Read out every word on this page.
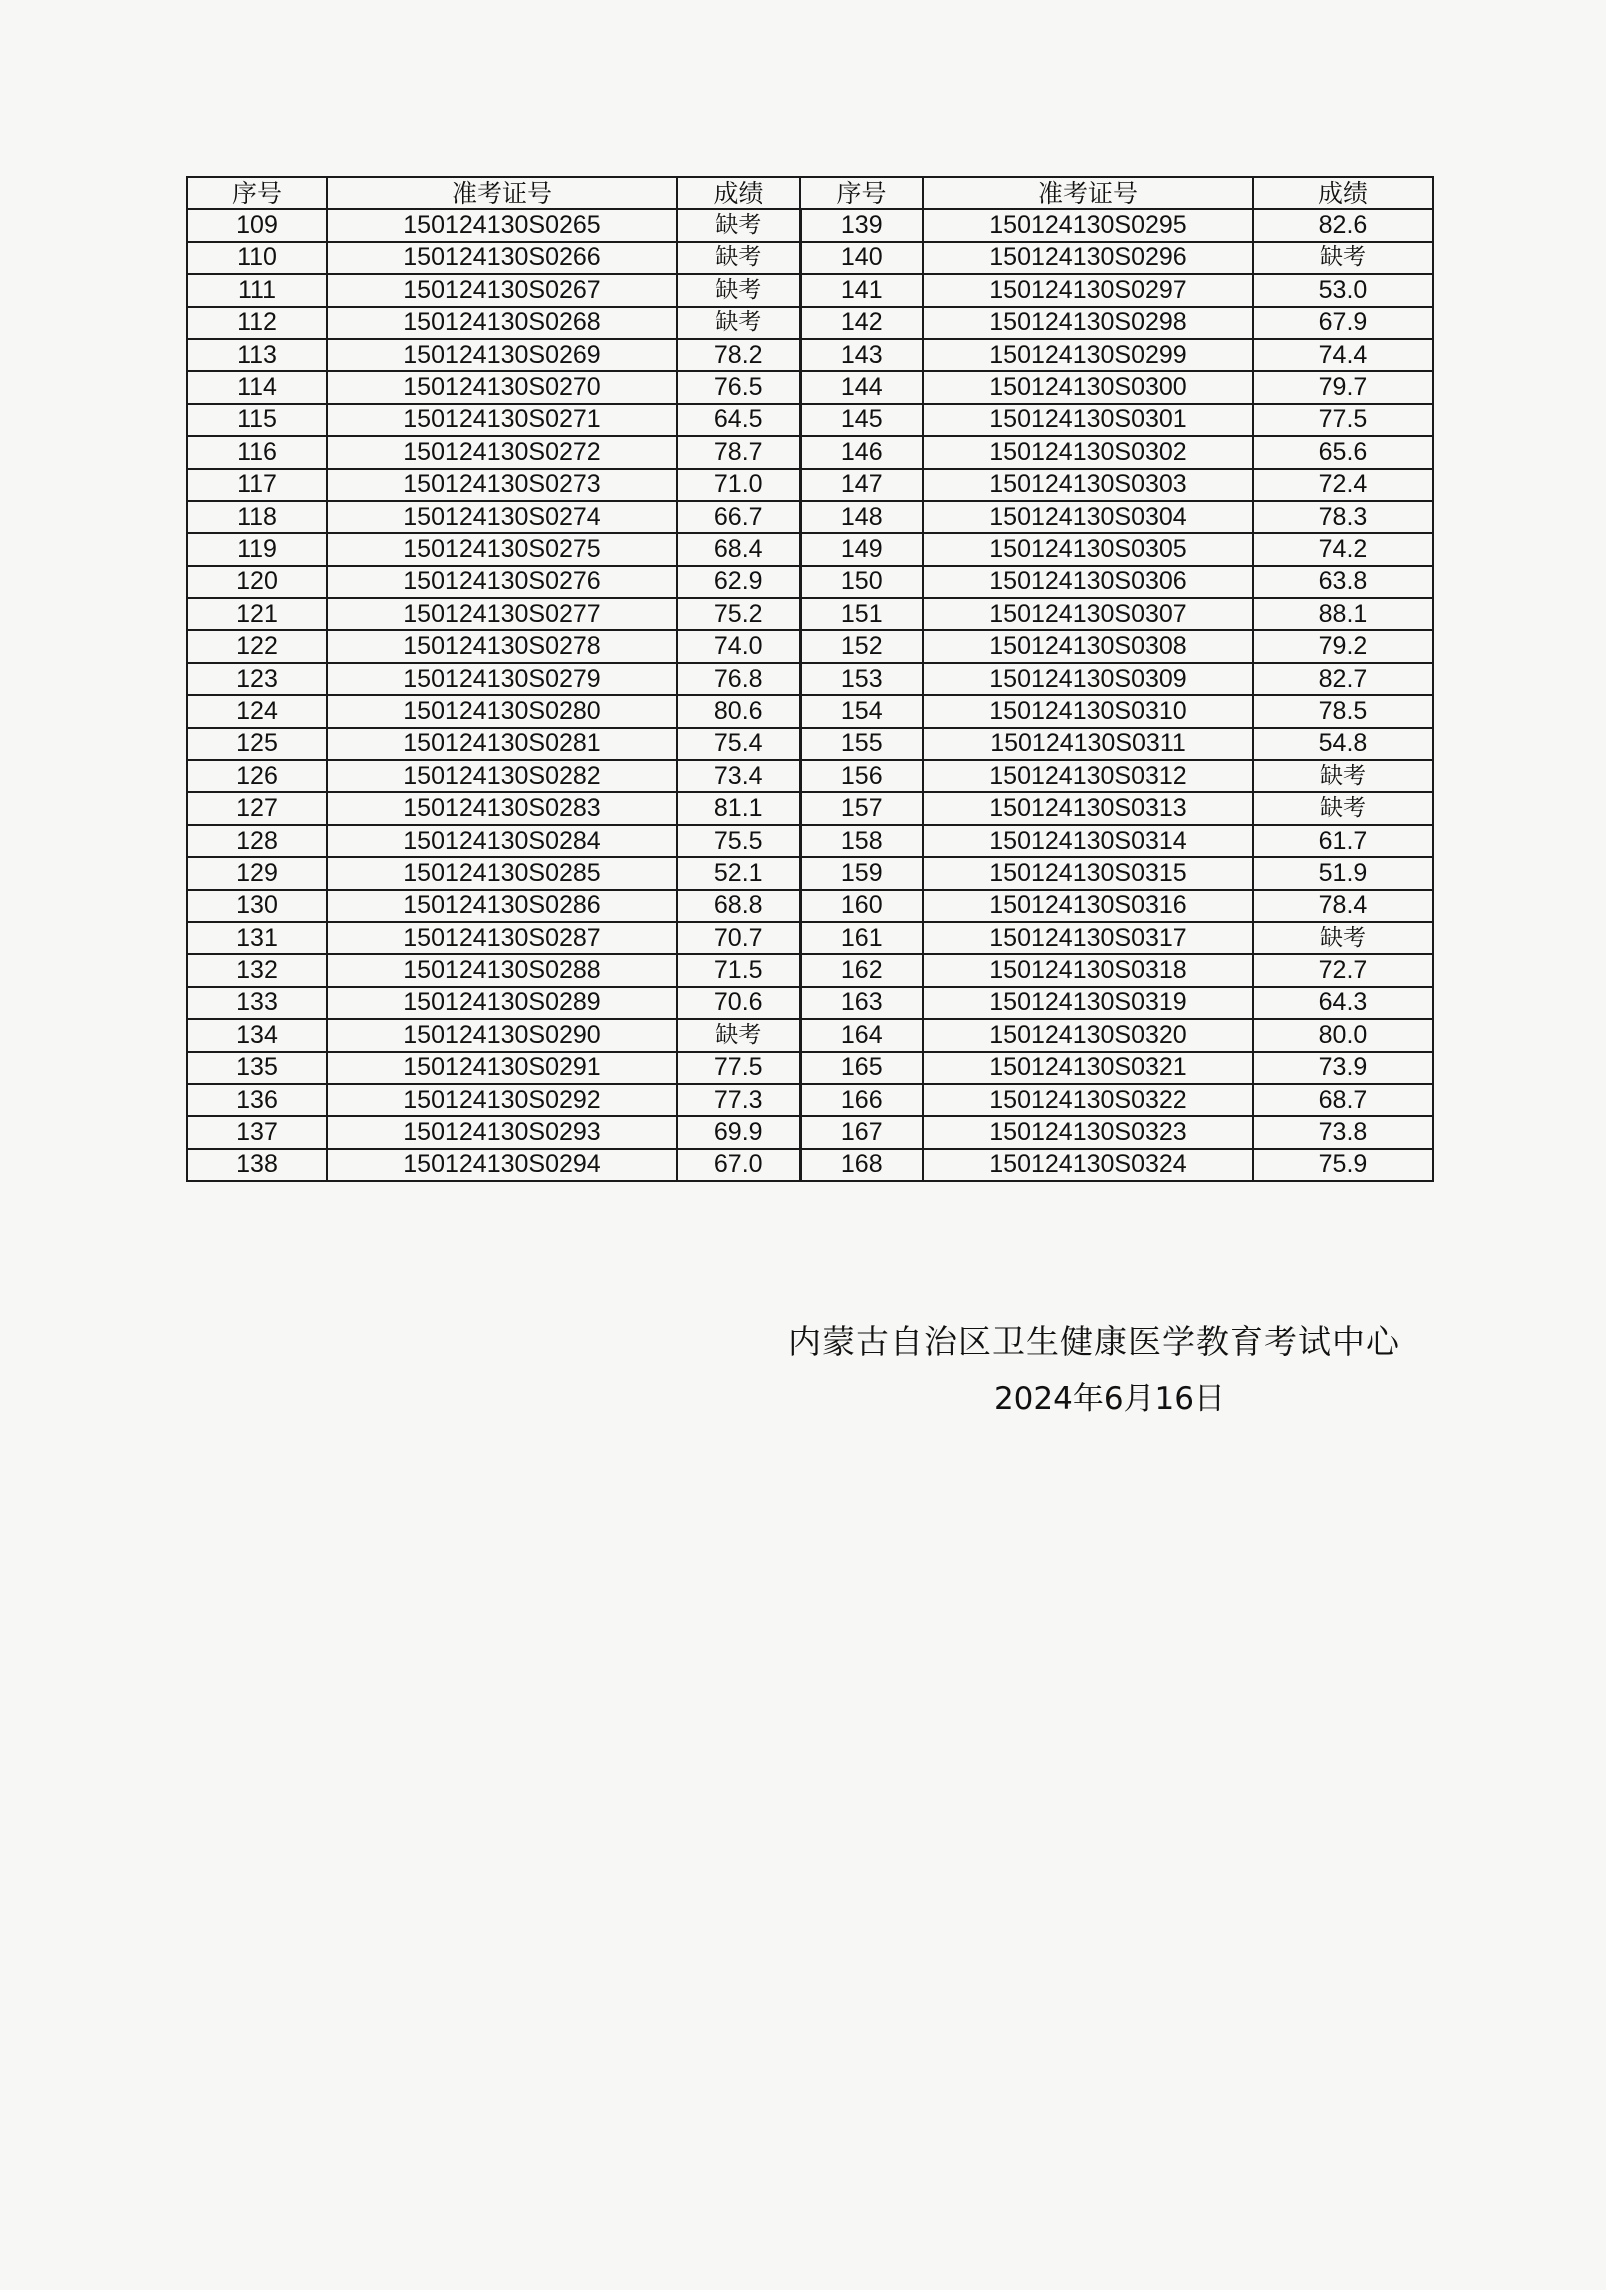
序号	准考证号	成绩	序号	准考证号	成绩
109	150124130S0265	缺考	139	150124130S0295	82.6
110	150124130S0266	缺考	140	150124130S0296	缺考
111	150124130S0267	缺考	141	150124130S0297	53.0
112	150124130S0268	缺考	142	150124130S0298	67.9
113	150124130S0269	78.2	143	150124130S0299	74.4
114	150124130S0270	76.5	144	150124130S0300	79.7
115	150124130S0271	64.5	145	150124130S0301	77.5
116	150124130S0272	78.7	146	150124130S0302	65.6
117	150124130S0273	71.0	147	150124130S0303	72.4
118	150124130S0274	66.7	148	150124130S0304	78.3
119	150124130S0275	68.4	149	150124130S0305	74.2
120	150124130S0276	62.9	150	150124130S0306	63.8
121	150124130S0277	75.2	151	150124130S0307	88.1
122	150124130S0278	74.0	152	150124130S0308	79.2
123	150124130S0279	76.8	153	150124130S0309	82.7
124	150124130S0280	80.6	154	150124130S0310	78.5
125	150124130S0281	75.4	155	150124130S0311	54.8
126	150124130S0282	73.4	156	150124130S0312	缺考
127	150124130S0283	81.1	157	150124130S0313	缺考
128	150124130S0284	75.5	158	150124130S0314	61.7
129	150124130S0285	52.1	159	150124130S0315	51.9
130	150124130S0286	68.8	160	150124130S0316	78.4
131	150124130S0287	70.7	161	150124130S0317	缺考
132	150124130S0288	71.5	162	150124130S0318	72.7
133	150124130S0289	70.6	163	150124130S0319	64.3
134	150124130S0290	缺考	164	150124130S0320	80.0
135	150124130S0291	77.5	165	150124130S0321	73.9
136	150124130S0292	77.3	166	150124130S0322	68.7
137	150124130S0293	69.9	167	150124130S0323	73.8
138	150124130S0294	67.0	168	150124130S0324	75.9
内蒙古自治区卫生健康医学教育考试中心
2024年6月16日
